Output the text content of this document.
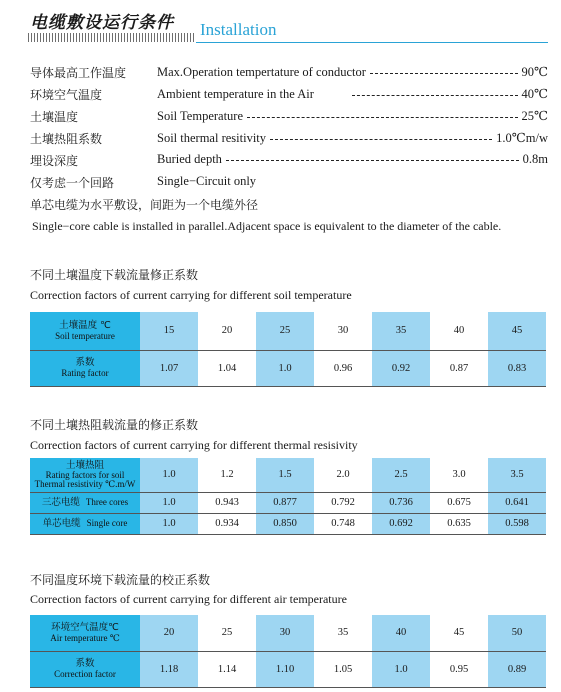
电缆敷设运行条件 Installation
导体最高工作温度 Max.Operation tempertature of conductor	90℃
环境空气温度	Ambient temperature in the Air	40℃
土壤温度	Soil Temperature	25℃
土壤热阻系数	Soil thermal resitivity	1.0℃m/w
埋设深度	Buried depth	0.8m
仅考虑一个回路	Single−Circuit only
单芯电缆为水平敷设，间距为一个电缆外径
Single−core cable is installed in parallel.Adjacent space is equivalent to the diameter of the cable.
不同土壤温度下载流量修正系数
Correction factors of current carrying for different soil temperature
土壤温度 ℃
Soil temperature	15	20	25	30	35	40	45

系数
Rating factor	1.07	1.04	1.0	0.96	0.92	0.87	0.83
不同土壤热阻载流量的修正系数
Correction factors of current carrying for different thermal resisivity
土壤热阻
Rating factors for soil Thermal resistivity ℃.m/W	1.0	1.2	1.5	2.0	2.5	3.0	3.5
三芯电缆 Three cores	1.0	0.943	0.877	0.792	0.736	0.675	0.641
单芯电缆 Single core	1.0	0.934	0.850	0.748	0.692	0.635	0.598
不同温度环境下载流量的校正系数
Correction factors of current carrying for different air temperature
环境空气温度℃
Air temperature ℃	20	25	30	35	40	45	50

系数
Correction factor	1.18	1.14	1.10	1.05	1.0	0.95	0.89
